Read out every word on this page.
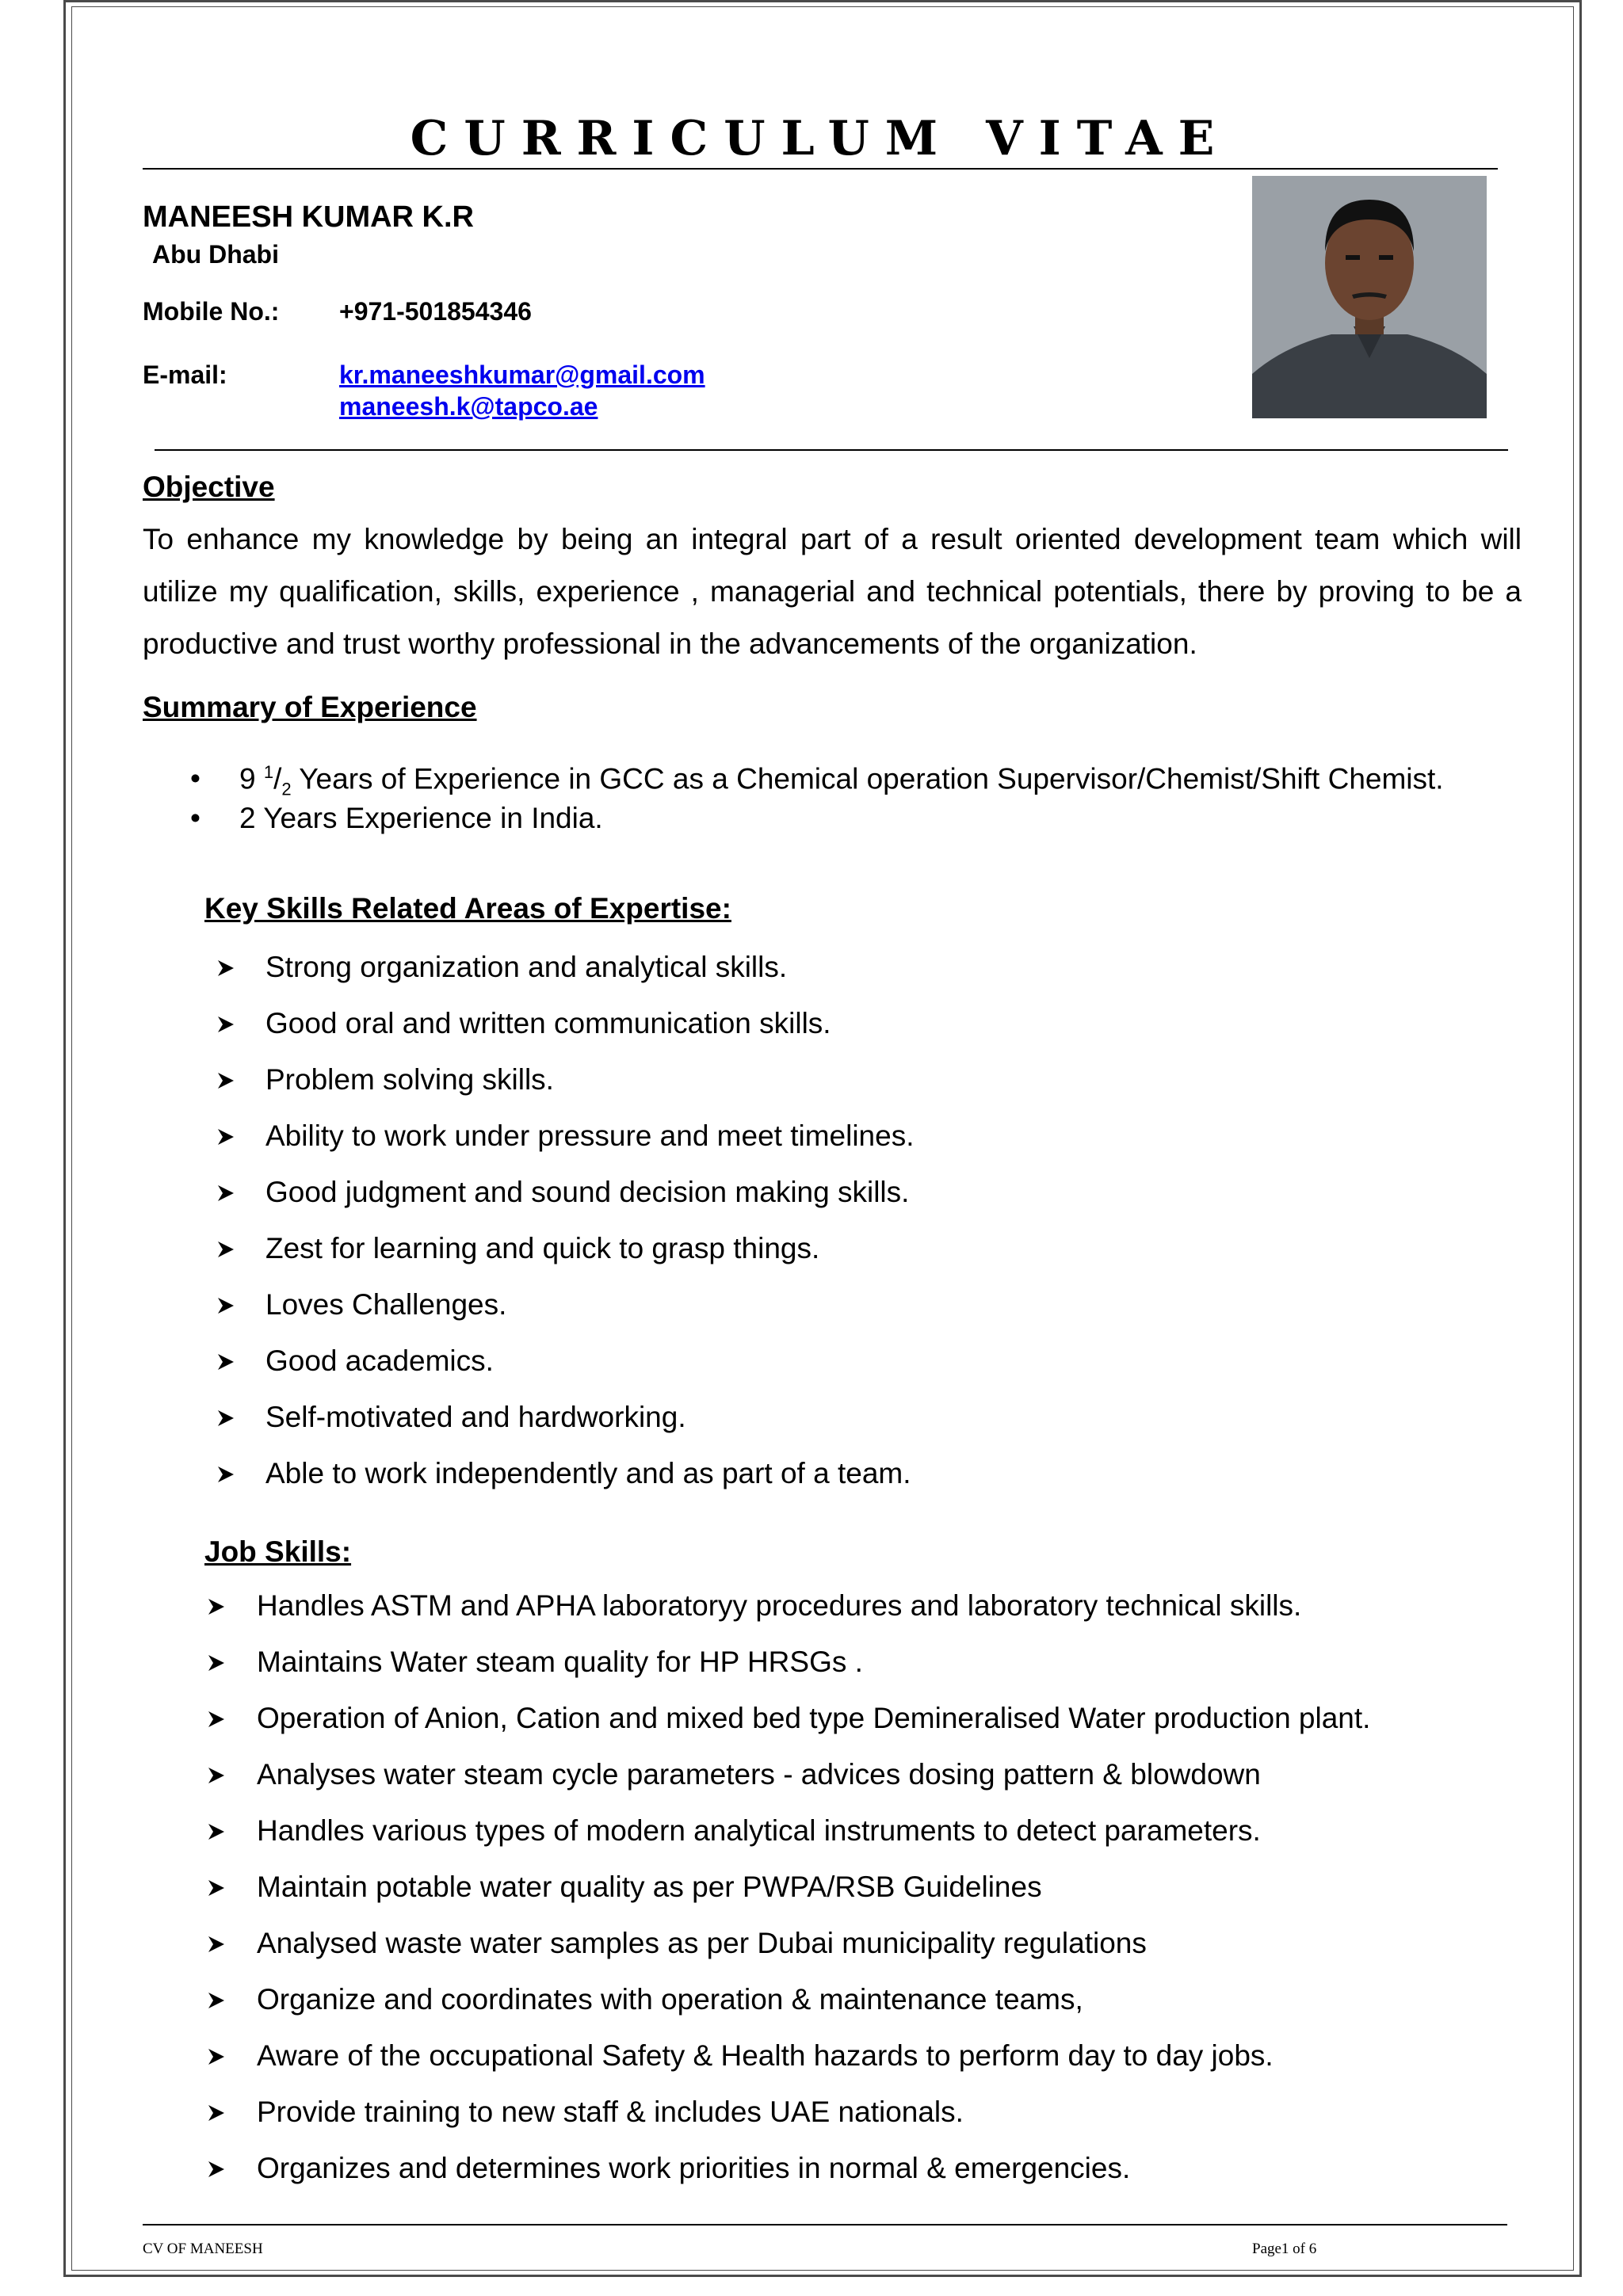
CURRICULUM VITAE
MANEESH KUMAR K.R
Abu Dhabi
Mobile No.: +971-501854346
E-mail:	kr.maneeshkumar@gmail.com
maneesh.k@tapco.ae
Objective
To enhance my knowledge by being an integral part of a result oriented development team which will utilize my qualification, skills, experience , managerial and technical potentials, there by proving to be a productive and trust worthy professional in the advancements of the organization.
Summary of Experience
• 9 $^1/_2$ Years of Experience in GCC as a Chemical operation Supervisor/Chemist/Shift Chemist.
• 2 Years Experience in India.
Key Skills Related Areas of Expertise:
Strong organization and analytical skills.
Good oral and written communication skills.
Problem solving skills.
Ability to work under pressure and meet timelines.
Good judgment and sound decision making skills.
Zest for learning and quick to grasp things.
Loves Challenges.
Good academics.
Self-motivated and hardworking.
Able to work independently and as part of a team.
Job Skills:
Handles ASTM and APHA laboratoryy procedures and laboratory technical skills.
Maintains Water steam quality for HP HRSGs .
Operation of Anion, Cation and mixed bed type Demineralised Water production plant.
Analyses water steam cycle parameters - advices dosing pattern & blowdown
Handles various types of modern analytical instruments to detect parameters.
Maintain potable water quality as per PWPA/RSB Guidelines
Analysed waste water samples as per Dubai municipality regulations
Organize and coordinates with operation & maintenance teams,
Aware of the occupational Safety & Health hazards to perform day to day jobs.
Provide training to new staff & includes UAE nationals.
Organizes and determines work priorities in normal & emergencies.
CV OF MANEESH	Page1 of 6
